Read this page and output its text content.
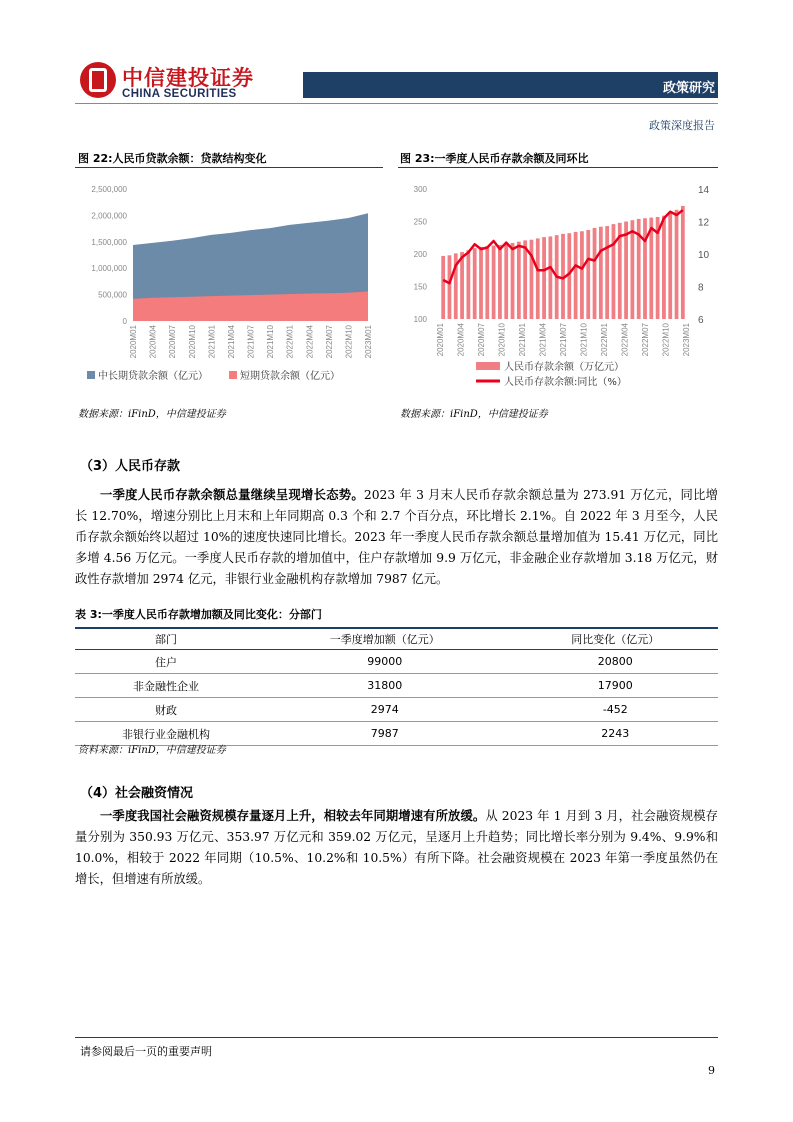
中信建投证券
CHINA SECURITIES	政策研究
政策深度报告
图 22:人民币贷款余额：贷款结构变化
0
500,000
1,000,000
1,500,000
2,000,000
2,500,000
2020M01 2020M04 2020M07 2020M10 2021M01 2021M04 2021M07 2021M10 2022M01 2022M04 2022M07 2022M10 2023M01
中长期贷款余额（亿元）	短期贷款余额（亿元）
数据来源：iFinD，中信建投证券
图 23:一季度人民币存款余额及同环比
100
150
200
250
300
6
8
10
12
14
2020M01 2020M04 2020M07 2020M10 2021M01 2021M04 2021M07 2021M10 2022M01 2022M04 2022M07 2022M10 2023M01
人民币存款余额（万亿元）
人民币存款余额:同比（%）
数据来源：iFinD，中信建投证券
（3）人民币存款
一季度人民币存款余额总量继续呈现增长态势。2023 年 3 月末人民币存款余额总量为 273.91 万亿元，同比增长 12.70%，增速分别比上月末和上年同期高 0.3 个和 2.7 个百分点，环比增长 2.1%。自 2022 年 3 月至今，人民币存款余额始终以超过 10%的速度快速同比增长。2023 年一季度人民币存款余额总量增加值为 15.41 万亿元，同比多增 4.56 万亿元。一季度人民币存款的增加值中，住户存款增加 9.9 万亿元，非金融企业存款增加 3.18 万亿元，财政性存款增加 2974 亿元，非银行业金融机构存款增加 7987 亿元。
表 3:一季度人民币存款增加额及同比变化：分部门
部门	一季度增加额（亿元）	同比变化（亿元）
住户	99000	20800
非金融性企业	31800	17900
财政	2974	-452
非银行业金融机构	7987	2243
资料来源：iFinD，中信建投证券
（4）社会融资情况
一季度我国社会融资规模存量逐月上升，相较去年同期增速有所放缓。从 2023 年 1 月到 3 月，社会融资规模存量分别为 350.93 万亿元、353.97 万亿元和 359.02 万亿元，呈逐月上升趋势；同比增长率分别为 9.4%、9.9%和 10.0%，相较于 2022 年同期（10.5%、10.2%和 10.5%）有所下降。社会融资规模在 2023 年第一季度虽然仍在增长，但增速有所放缓。
请参阅最后一页的重要声明
9
